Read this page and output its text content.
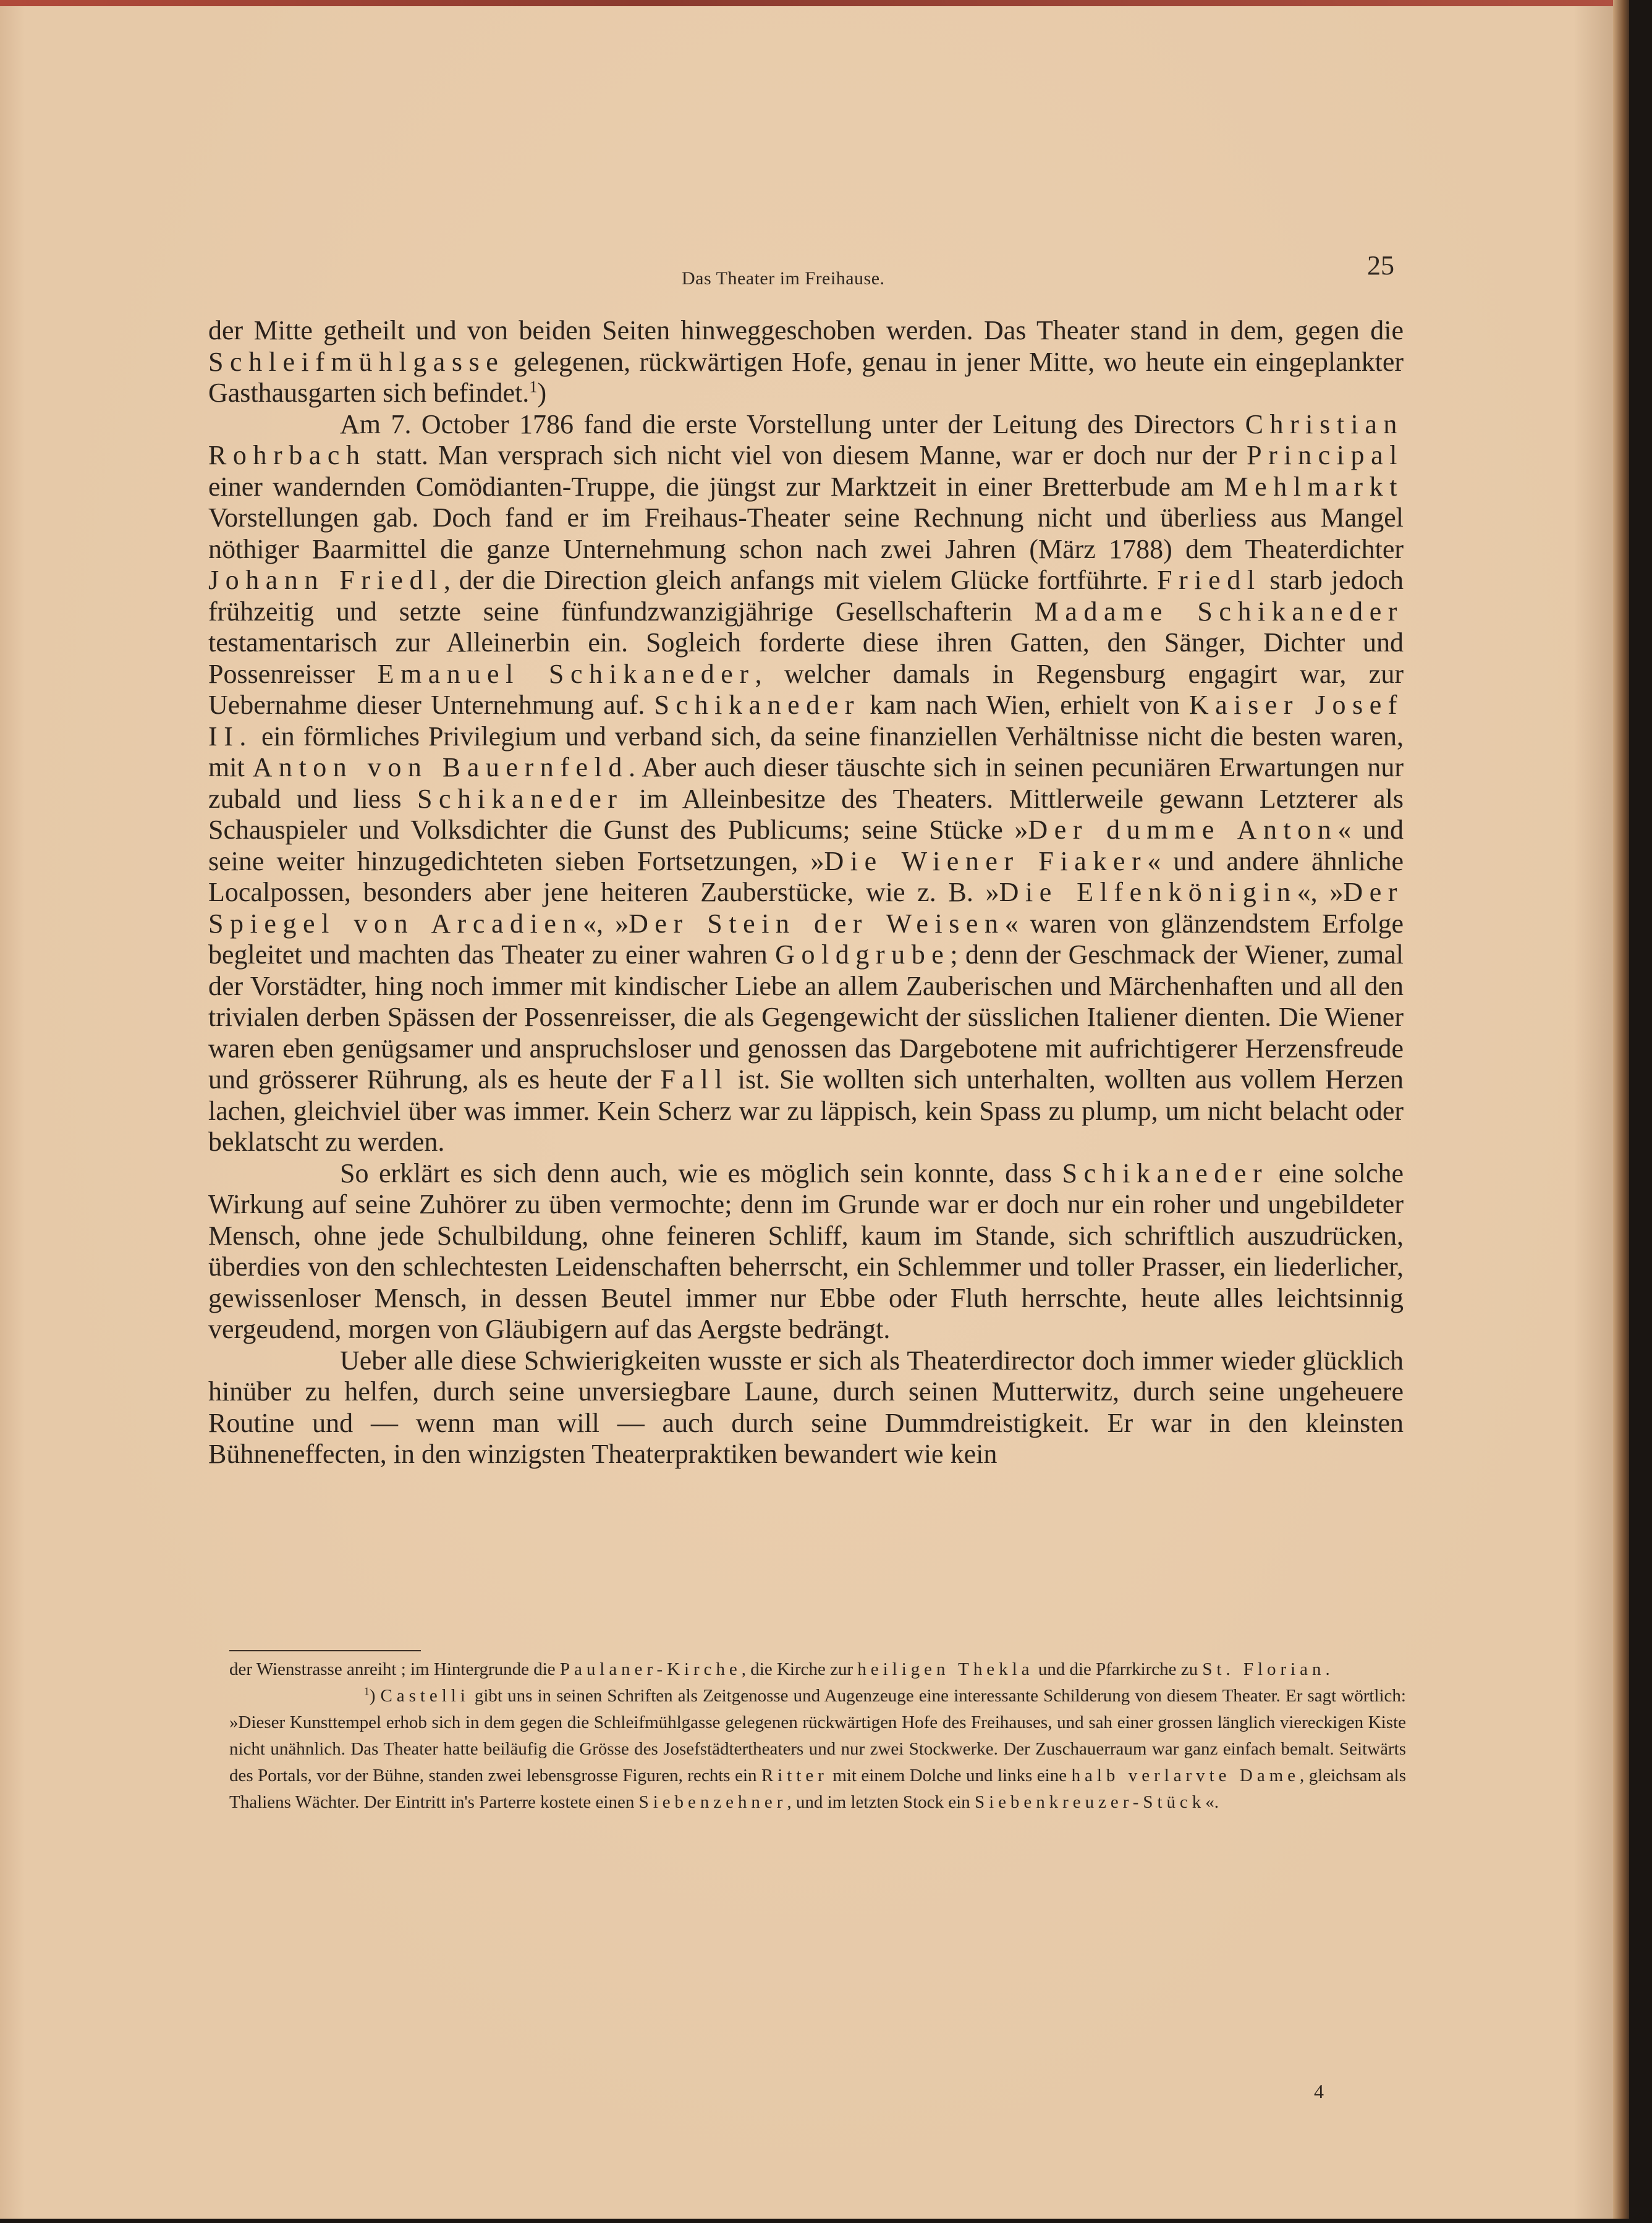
Das Theater im Freihause.	25

der Mitte getheilt und von beiden Seiten hinweggeschoben werden. Das Theater stand in dem, gegen die Schleifmühlgasse gelegenen, rückwärtigen Hofe, genau in jener Mitte, wo heute ein eingeplankter Gasthausgarten sich befindet.$^1$)

Am 7. October 1786 fand die erste Vorstellung unter der Leitung des Directors Christian Rohrbach statt. Man versprach sich nicht viel von diesem Manne, war er doch nur der Principal einer wandernden Comödianten-Truppe, die jüngst zur Marktzeit in einer Bretterbude am Mehlmarkt Vorstellungen gab. Doch fand er im Freihaus-Theater seine Rechnung nicht und überliess aus Mangel nöthiger Baarmittel die ganze Unternehmung schon nach zwei Jahren (März 1788) dem Theaterdichter Johann Friedl, der die Direction gleich anfangs mit vielem Glücke fortführte. Friedl starb jedoch frühzeitig und setzte seine fünfundzwanzigjährige Gesellschafterin Madame Schikaneder testamentarisch zur Alleinerbin ein. Sogleich forderte diese ihren Gatten, den Sänger, Dichter und Possenreisser Emanuel Schikaneder, welcher damals in Regensburg engagirt war, zur Uebernahme dieser Unternehmung auf. Schikaneder kam nach Wien, erhielt von Kaiser Josef II. ein förmliches Privilegium und verband sich, da seine finanziellen Verhältnisse nicht die besten waren, mit Anton von Bauernfeld. Aber auch dieser täuschte sich in seinen pecuniären Erwartungen nur zubald und liess Schikaneder im Alleinbesitze des Theaters. Mittlerweile gewann Letzterer als Schauspieler und Volksdichter die Gunst des Publicums; seine Stücke »Der dumme Anton« und seine weiter hinzugedichteten sieben Fortsetzungen, »Die Wiener Fiaker« und andere ähnliche Localpossen, besonders aber jene heiteren Zauberstücke, wie z. B. »Die Elfenkönigin«, »Der Spiegel von Arcadien«, »Der Stein der Weisen« waren von glänzendstem Erfolge begleitet und machten das Theater zu einer wahren Goldgrube; denn der Geschmack der Wiener, zumal der Vorstädter, hing noch immer mit kindischer Liebe an allem Zauberischen und Märchenhaften und all den trivialen derben Spässen der Possenreisser, die als Gegengewicht der süsslichen Italiener dienten. Die Wiener waren eben genügsamer und anspruchsloser und genossen das Dargebotene mit aufrichtigerer Herzensfreude und grösserer Rührung, als es heute der Fall ist. Sie wollten sich unterhalten, wollten aus vollem Herzen lachen, gleichviel über was immer. Kein Scherz war zu läppisch, kein Spass zu plump, um nicht belacht oder beklatscht zu werden.

So erklärt es sich denn auch, wie es möglich sein konnte, dass Schikaneder eine solche Wirkung auf seine Zuhörer zu üben vermochte; denn im Grunde war er doch nur ein roher und ungebildeter Mensch, ohne jede Schulbildung, ohne feineren Schliff, kaum im Stande, sich schriftlich auszudrücken, überdies von den schlechtesten Leidenschaften beherrscht, ein Schlemmer und toller Prasser, ein liederlicher, gewissenloser Mensch, in dessen Beutel immer nur Ebbe oder Fluth herrschte, heute alles leichtsinnig vergeudend, morgen von Gläubigern auf das Aergste bedrängt.

Ueber alle diese Schwierigkeiten wusste er sich als Theaterdirector doch immer wieder glücklich hinüber zu helfen, durch seine unversiegbare Laune, durch seinen Mutterwitz, durch seine ungeheuere Routine und — wenn man will — auch durch seine Dummdreistigkeit. Er war in den kleinsten Bühneneffecten, in den winzigsten Theaterpraktiken bewandert wie kein

der Wienstrasse anreiht ; im Hintergrunde die Paulaner-Kirche, die Kirche zur heiligen Thekla und die Pfarrkirche zu St. Florian.

$^1$) Castelli gibt uns in seinen Schriften als Zeitgenosse und Augenzeuge eine interessante Schilderung von diesem Theater. Er sagt wörtlich: »Dieser Kunsttempel erhob sich in dem gegen die Schleifmühlgasse gelegenen rückwärtigen Hofe des Freihauses, und sah einer grossen länglich viereckigen Kiste nicht unähnlich. Das Theater hatte beiläufig die Grösse des Josefstädtertheaters und nur zwei Stockwerke. Der Zuschauerraum war ganz einfach bemalt. Seitwärts des Portals, vor der Bühne, standen zwei lebensgrosse Figuren, rechts ein Ritter mit einem Dolche und links eine halb verlarvte Dame, gleichsam als Thaliens Wächter. Der Eintritt in's Parterre kostete einen Siebenzehner, und im letzten Stock ein Siebenkreuzer-Stück«.

4
